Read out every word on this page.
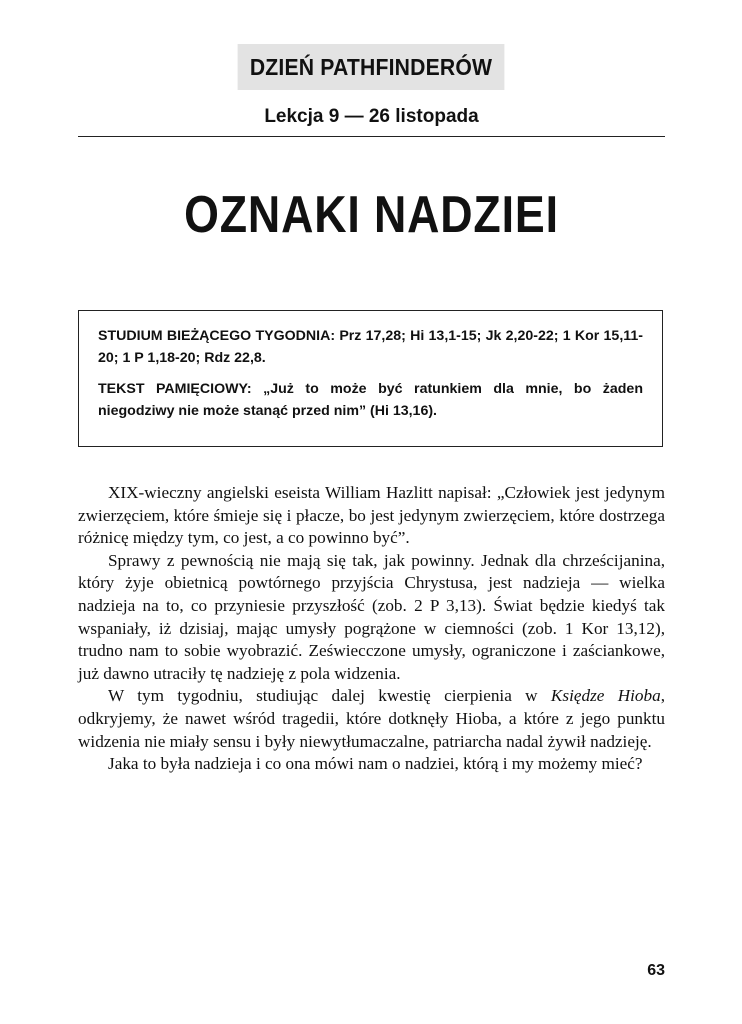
DZIEŃ PATHFINDERÓW
Lekcja 9 — 26 listopada
OZNAKI NADZIEI

STUDIUM BIEŻĄCEGO TYGODNIA: Prz 17,28; Hi 13,1-15; Jk 2,20-22; 1 Kor 15,11-20; 1 P 1,18-20; Rdz 22,8.

TEKST PAMIĘCIOWY: „Już to może być ratunkiem dla mnie, bo żaden niegodziwy nie może stanąć przed nim” (Hi 13,16).

XIX-wieczny angielski eseista William Hazlitt napisał: „Człowiek jest jedynym zwierzęciem, które śmieje się i płacze, bo jest jedynym zwierzęciem, które dostrzega różnicę między tym, co jest, a co powinno być”.

Sprawy z pewnością nie mają się tak, jak powinny. Jednak dla chrześcijanina, który żyje obietnicą powtórnego przyjścia Chrystusa, jest nadzieja — wielka nadzieja na to, co przyniesie przyszłość (zob. 2 P 3,13). Świat będzie kiedyś tak wspaniały, iż dzisiaj, mając umysły pogrążone w ciemności (zob. 1 Kor 13,12), trudno nam to sobie wyobrazić. Zeświecczone umysły, ograniczone i zaściankowe, już dawno utraciły tę nadzieję z pola widzenia.

W tym tygodniu, studiując dalej kwestię cierpienia w Księdze Hioba, odkryjemy, że nawet wśród tragedii, które dotknęły Hioba, a które z jego punktu widzenia nie miały sensu i były niewytłumaczalne, patriarcha nadal żywił nadzieję.

Jaka to była nadzieja i co ona mówi nam o nadziei, którą i my możemy mieć?

63
